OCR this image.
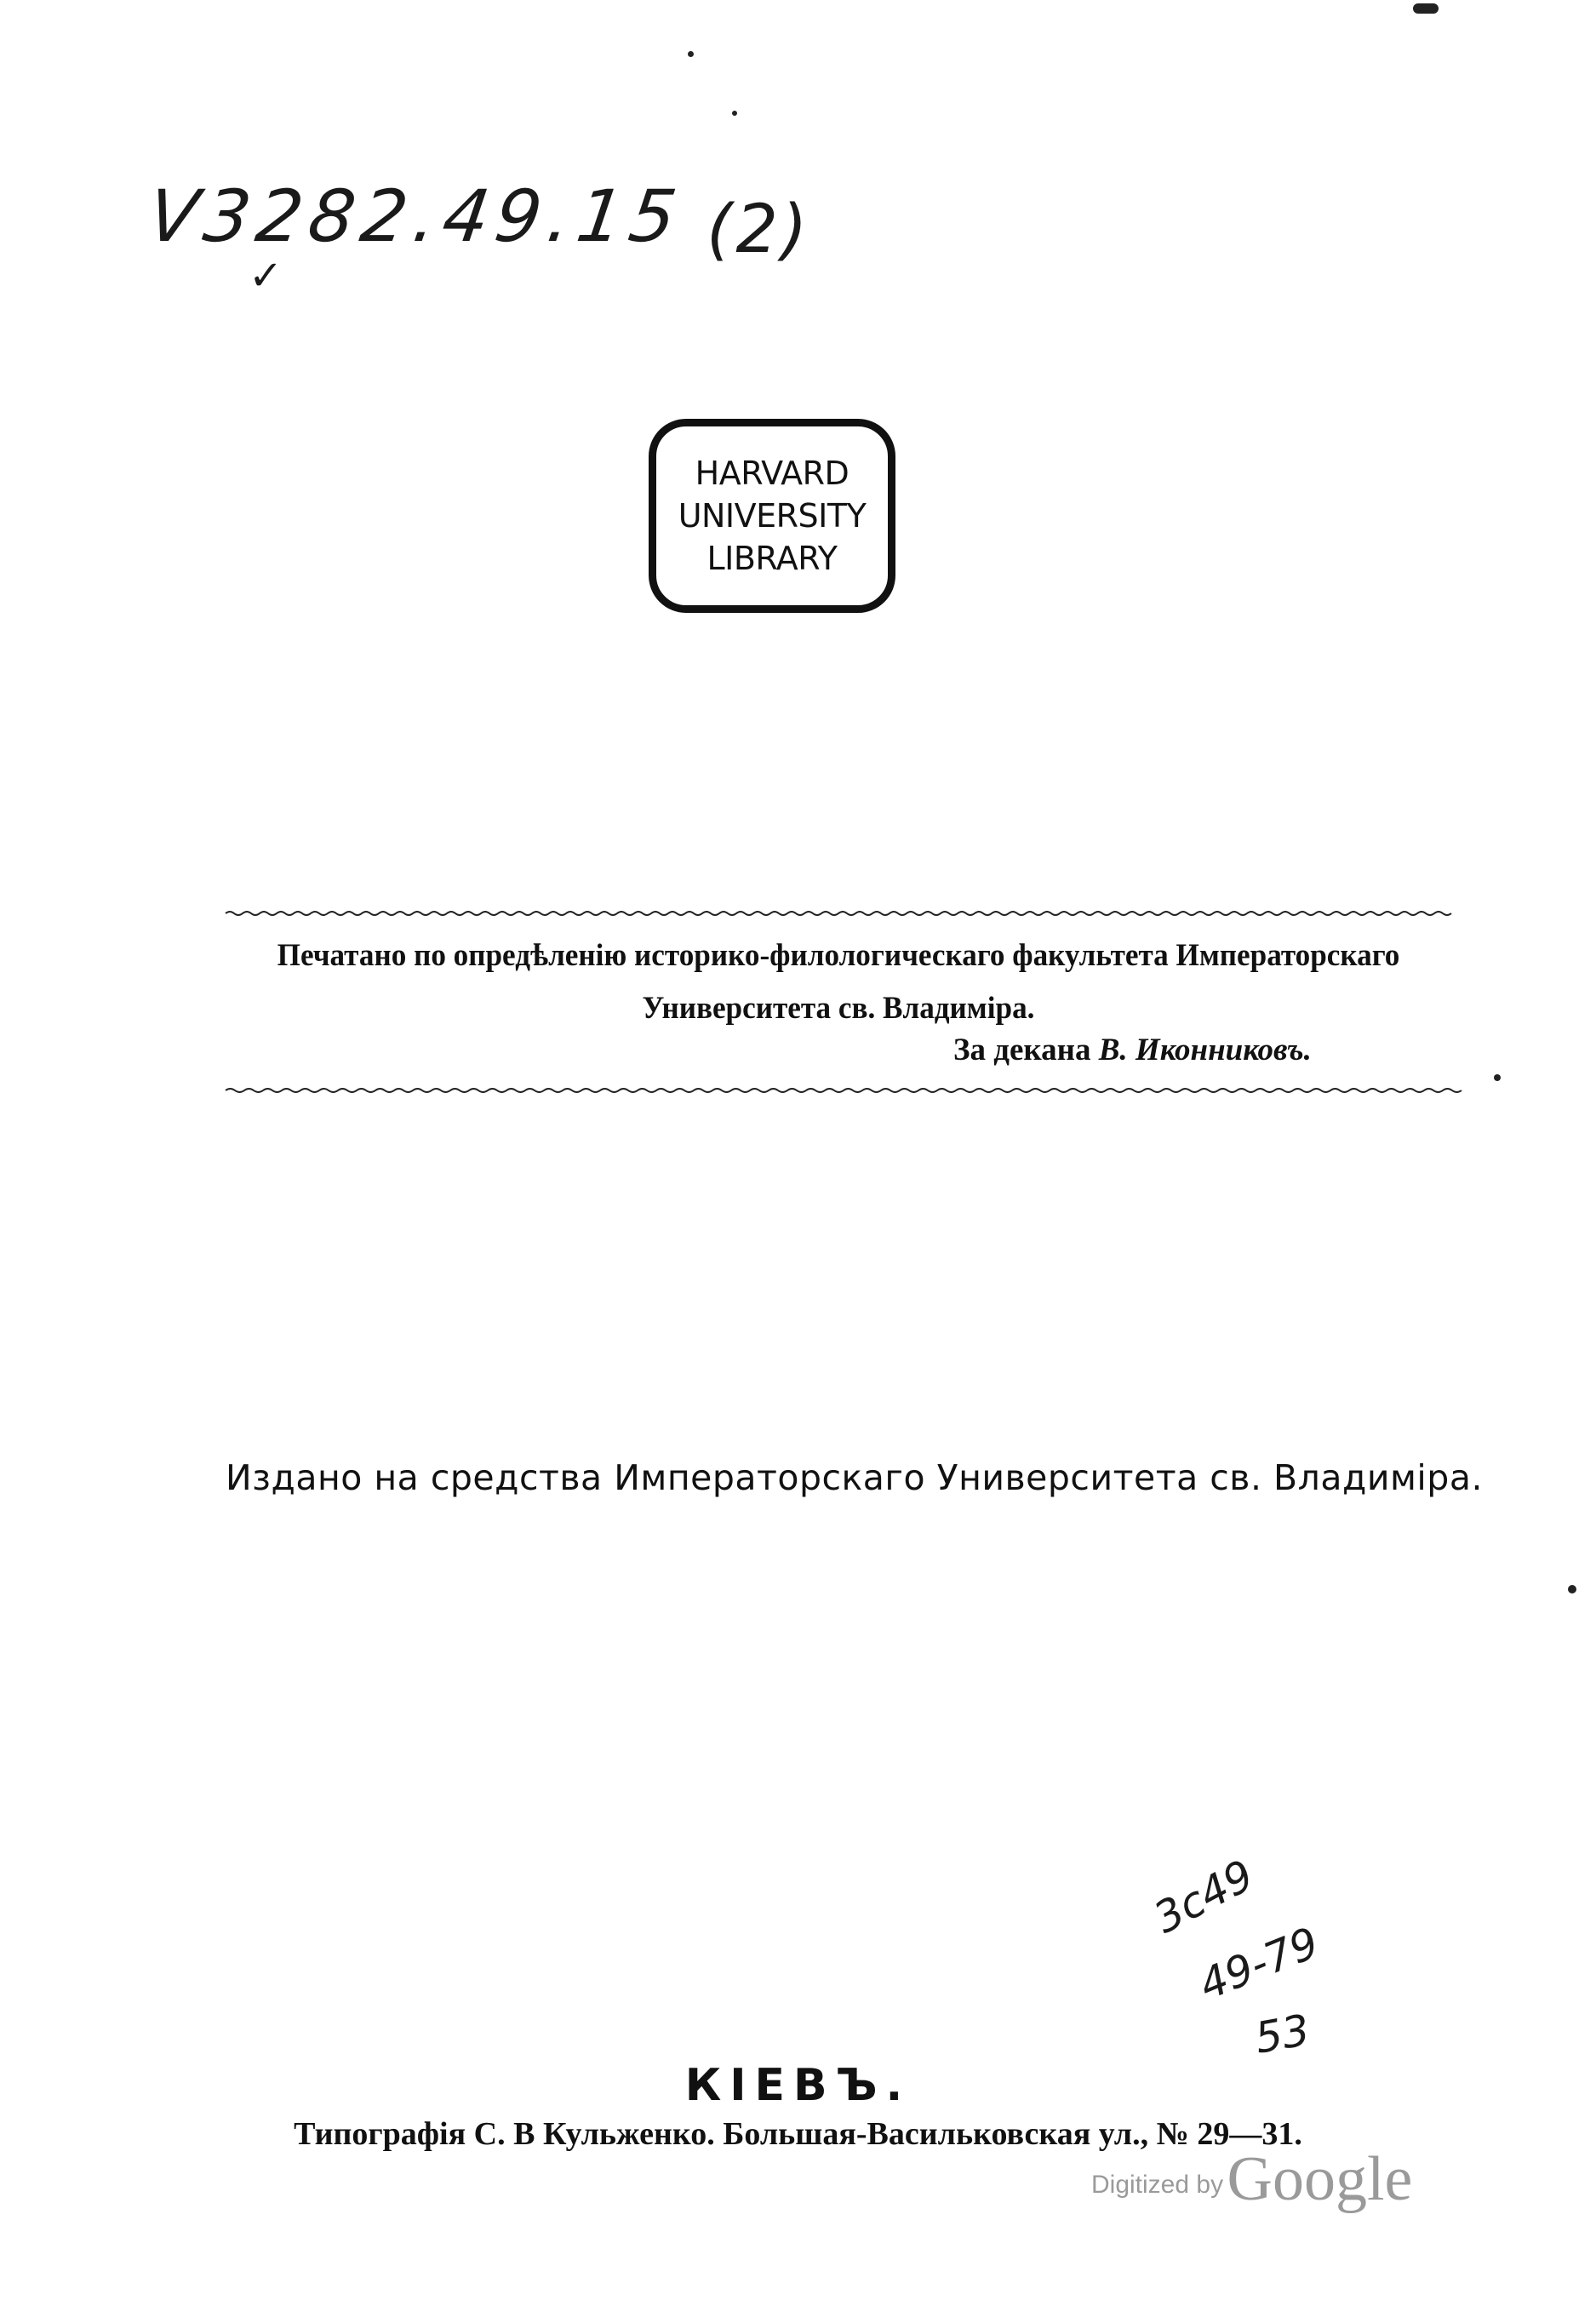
V3282.49.15
✓
(2)
HARVARD
UNIVERSITY
LIBRARY
Печатано по опредѣленію историко-филологическаго факультета Императорскаго
Университета св. Владиміра.
За декана В. Иконниковъ.
Издано на средства Императорскаго Университета св. Владиміра.
3c49
49-79
53
КІЕВЪ.
Типографія С. В Кульженко. Большая-Васильковская ул., № 29—31.
Digitized by Google
